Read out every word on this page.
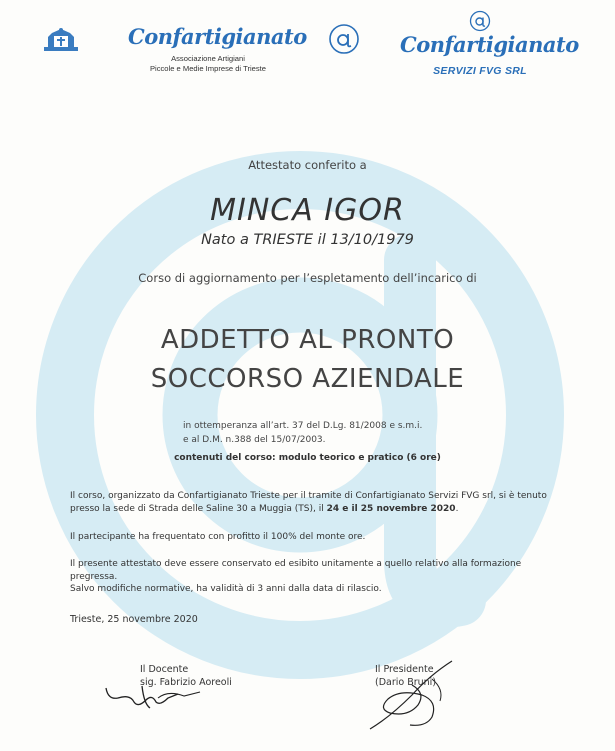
Confartigianato
Associazione Artigiani
Piccole e Medie Imprese di Trieste
Confartigianato
SERVIZI FVG SRL
Attestato conferito a
MINCA IGOR
Nato a TRIESTE il 13/10/1979
Corso di aggiornamento per l’espletamento dell’incarico di
ADDETTO AL PRONTO
SOCCORSO AZIENDALE
in ottemperanza all’art. 37 del D.Lg. 81/2008 e s.m.i.
e al D.M. n.388 del 15/07/2003.
contenuti del corso: modulo teorico e pratico (6 ore)
Il corso, organizzato da Confartigianato Trieste per il tramite di Confartigianato Servizi FVG srl, si è tenuto presso la sede di Strada delle Saline 30 a Muggia (TS), il 24 e il 25 novembre 2020.
Il partecipante ha frequentato con profitto il 100% del monte ore.
Il presente attestato deve essere conservato ed esibito unitamente a quello relativo alla formazione pregressa.
Salvo modifiche normative, ha validità di 3 anni dalla data di rilascio.
Trieste, 25 novembre 2020
Il Docente
sig. Fabrizio Aoreoli
Il Presidente
(Dario Bruni)
